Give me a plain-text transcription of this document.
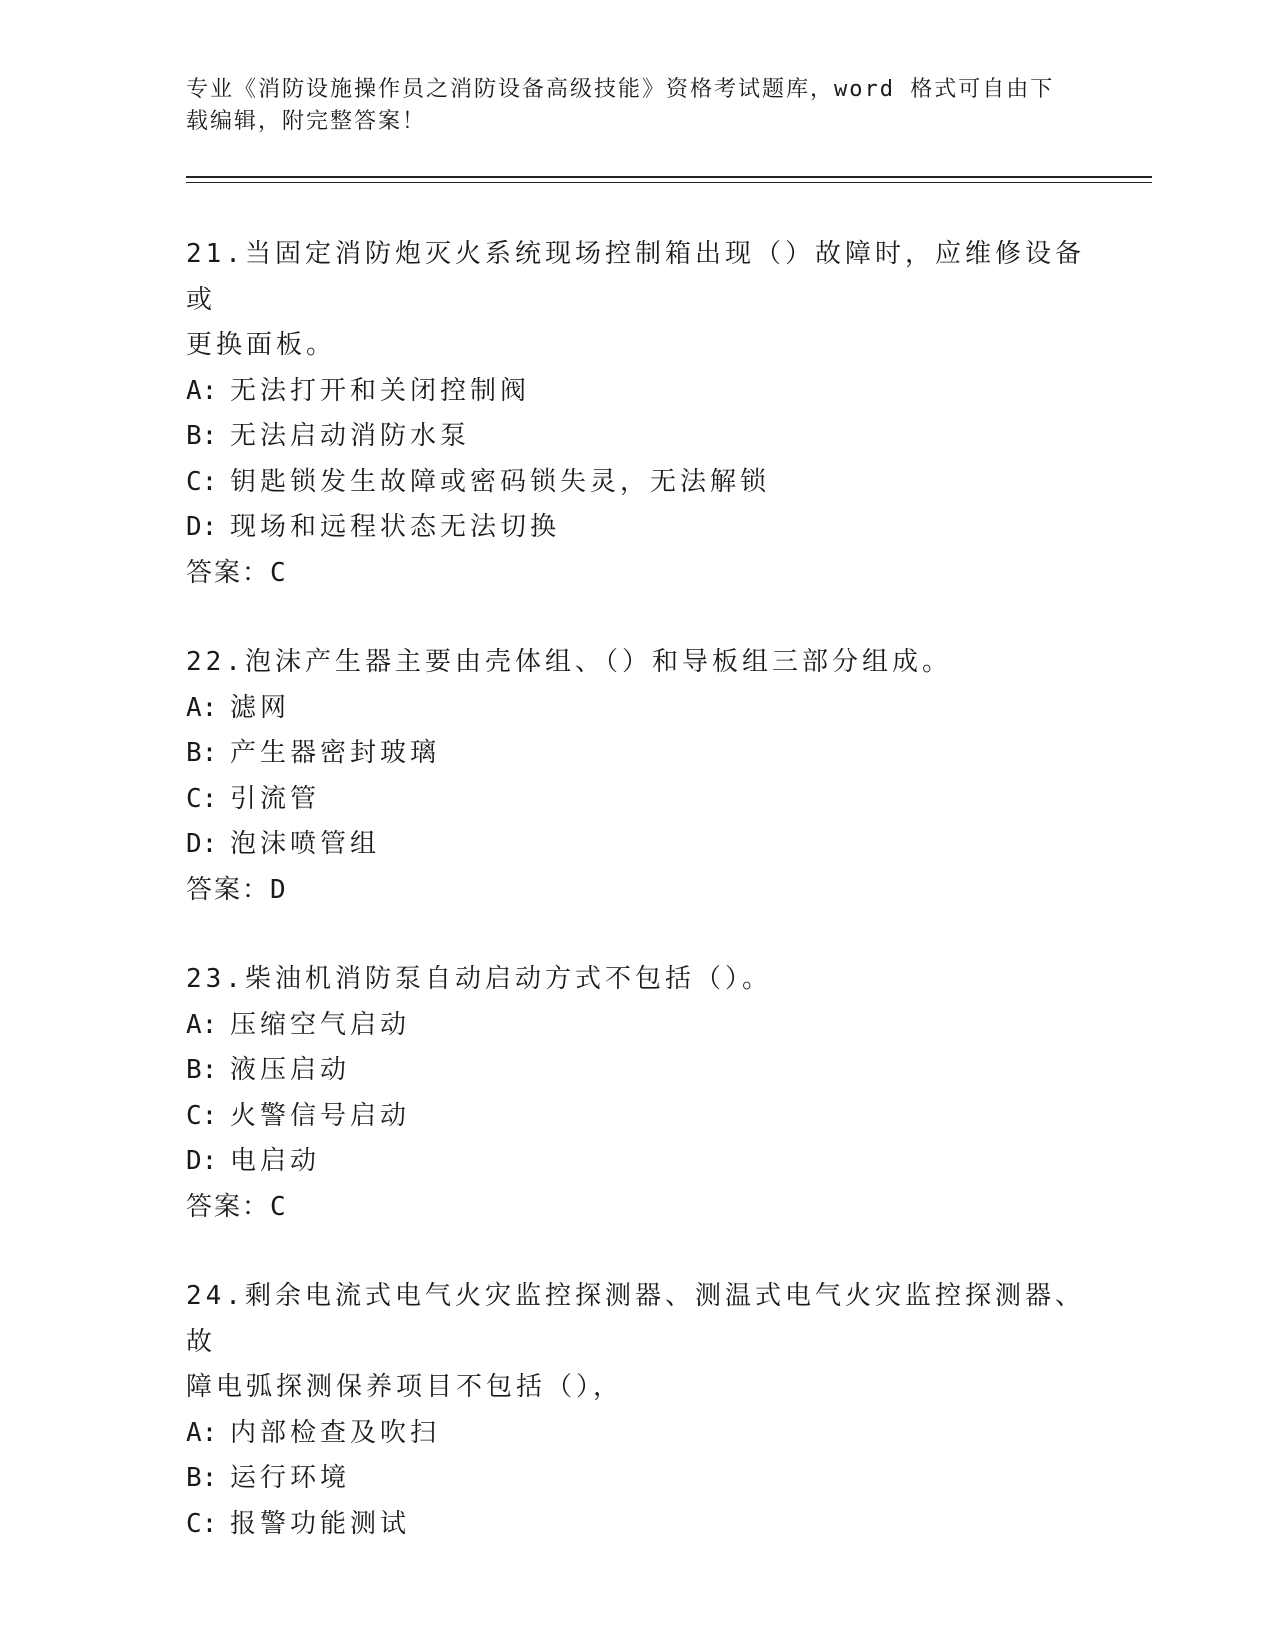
专业《消防设施操作员之消防设备高级技能》资格考试题库，word 格式可自由下
载编辑，附完整答案！
21.当固定消防炮灭火系统现场控制箱出现（）故障时，应维修设备或
更换面板。
A: 无法打开和关闭控制阀
B: 无法启动消防水泵
C: 钥匙锁发生故障或密码锁失灵，无法解锁
D: 现场和远程状态无法切换
答案：C
22.泡沫产生器主要由壳体组、（）和导板组三部分组成。
A: 滤网
B: 产生器密封玻璃
C: 引流管
D: 泡沫喷管组
答案：D
23.柴油机消防泵自动启动方式不包括（）。
A: 压缩空气启动
B: 液压启动
C: 火警信号启动
D: 电启动
答案：C
24.剩余电流式电气火灾监控探测器、测温式电气火灾监控探测器、故
障电弧探测保养项目不包括（），
A: 内部检查及吹扫
B: 运行环境
C: 报警功能测试
